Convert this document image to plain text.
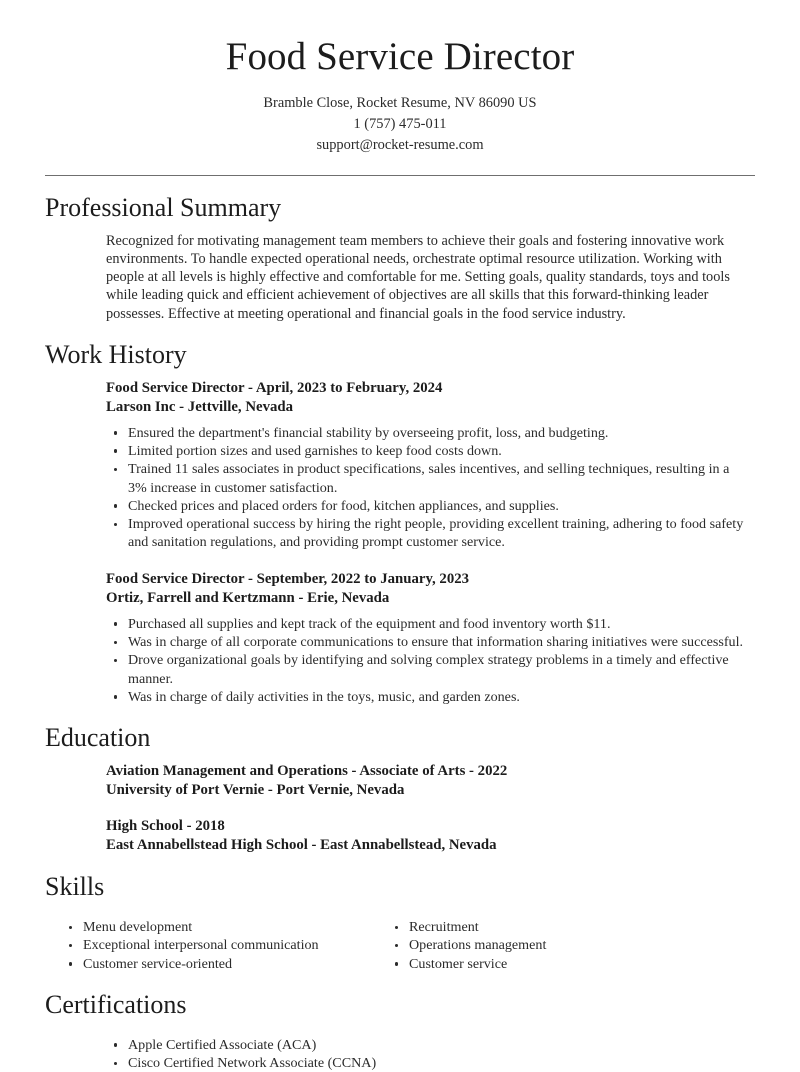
Food Service Director

Bramble Close, Rocket Resume, NV 86090 US

1 (757) 475-011

support@rocket-resume.com

Professional Summary

Recognized for motivating management team members to achieve their goals and fostering innovative work environments. To handle expected operational needs, orchestrate optimal resource utilization. Working with people at all levels is highly effective and comfortable for me. Setting goals, quality standards, toys and tools while leading quick and efficient achievement of objectives are all skills that this forward-thinking leader possesses. Effective at meeting operational and financial goals in the food service industry.

Work History

Food Service Director - April, 2023 to February, 2024

Larson Inc - Jettville, Nevada

Ensured the department's financial stability by overseeing profit, loss, and budgeting.
Limited portion sizes and used garnishes to keep food costs down.
Trained 11 sales associates in product specifications, sales incentives, and selling techniques, resulting in a 3% increase in customer satisfaction.
Checked prices and placed orders for food, kitchen appliances, and supplies.
Improved operational success by hiring the right people, providing excellent training, adhering to food safety and sanitation regulations, and providing prompt customer service.

Food Service Director - September, 2022 to January, 2023

Ortiz, Farrell and Kertzmann - Erie, Nevada

Purchased all supplies and kept track of the equipment and food inventory worth $11.
Was in charge of all corporate communications to ensure that information sharing initiatives were successful.
Drove organizational goals by identifying and solving complex strategy problems in a timely and effective manner.
Was in charge of daily activities in the toys, music, and garden zones.
Education

Aviation Management and Operations - Associate of Arts - 2022

University of Port Vernie - Port Vernie, Nevada

High School - 2018

East Annabellstead High School - East Annabellstead, Nevada

Skills
Menu development
Exceptional interpersonal communication
Customer service-oriented
Recruitment
Operations management
Customer service
Certifications
Apple Certified Associate (ACA)
Cisco Certified Network Associate (CCNA)
